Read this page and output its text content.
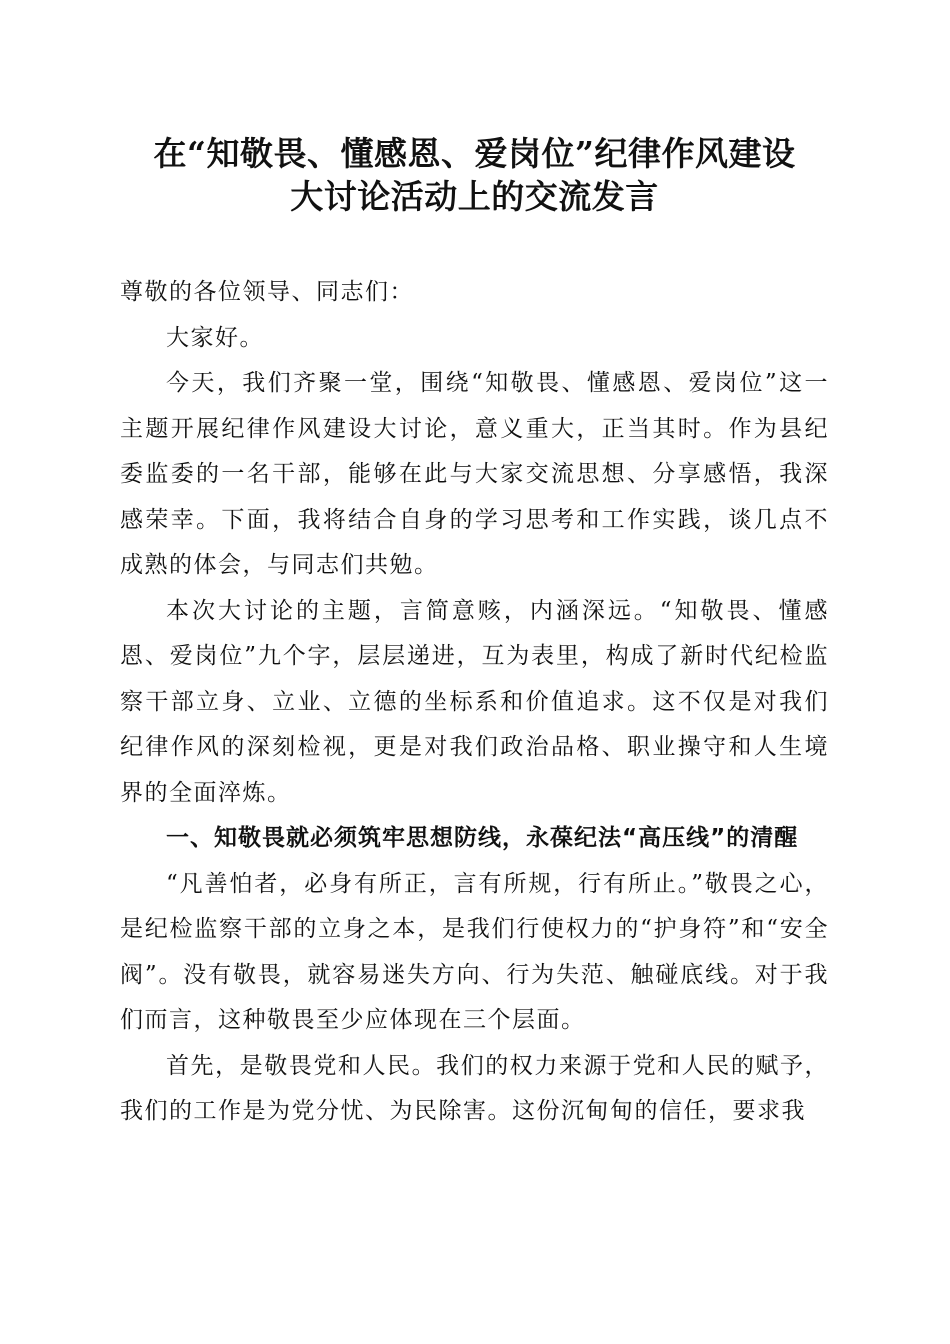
在“知敬畏、懂感恩、爱岗位”纪律作风建设
大讨论活动上的交流发言

尊敬的各位领导、同志们：

大家好。

今天，我们齐聚一堂，围绕“知敬畏、懂感恩、爱岗位”这一主题开展纪律作风建设大讨论，意义重大，正当其时。作为县纪委监委的一名干部，能够在此与大家交流思想、分享感悟，我深感荣幸。下面，我将结合自身的学习思考和工作实践，谈几点不成熟的体会，与同志们共勉。

本次大讨论的主题，言简意赅，内涵深远。“知敬畏、懂感恩、爱岗位”九个字，层层递进，互为表里，构成了新时代纪检监察干部立身、立业、立德的坐标系和价值追求。这不仅是对我们纪律作风的深刻检视，更是对我们政治品格、职业操守和人生境界的全面淬炼。

一、知敬畏就必须筑牢思想防线，永葆纪法“高压线”的清醒

“凡善怕者，必身有所正，言有所规，行有所止。”敬畏之心，是纪检监察干部的立身之本，是我们行使权力的“护身符”和“安全阀”。没有敬畏，就容易迷失方向、行为失范、触碰底线。对于我们而言，这种敬畏至少应体现在三个层面。

首先，是敬畏党和人民。我们的权力来源于党和人民的赋予，我们的工作是为党分忧、为民除害。这份沉甸甸的信任，要求我
